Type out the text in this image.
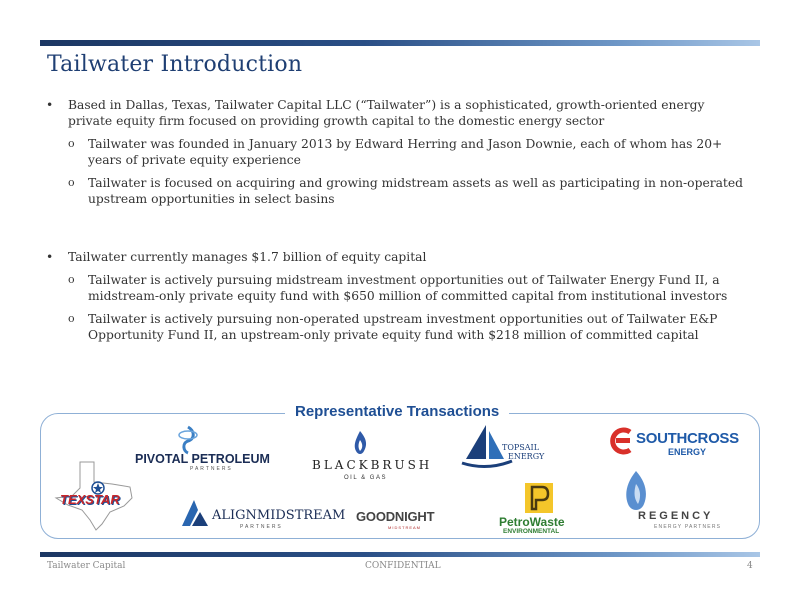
Tailwater Introduction
• Based in Dallas, Texas, Tailwater Capital LLC (“Tailwater”) is a sophisticated, growth-oriented energy private equity firm focused on providing growth capital to the domestic energy sector
o Tailwater was founded in January 2013 by Edward Herring and Jason Downie, each of whom has 20+ years of private equity experience
o Tailwater is focused on acquiring and growing midstream assets as well as participating in non-operated upstream opportunities in select basins
• Tailwater currently manages $1.7 billion of equity capital
o Tailwater is actively pursuing midstream investment opportunities out of Tailwater Energy Fund II, a midstream-only private equity fund with $650 million of committed capital from institutional investors
o Tailwater is actively pursuing non-operated upstream investment opportunities out of Tailwater E&P Opportunity Fund II, an upstream-only private equity fund with $218 million of committed capital
Representative Transactions
PIVOTAL PETROLEUM
PARTNERS	BLACKBRUSH
OIL & GAS
TOPSAIL
ENERGY
SOUTHCROSS
ENERGY
TEXSTAR
ALIGNMIDSTREAM
PARTNERS
GOODNIGHT
MIDSTREAM	PetroWaste
ENVIRONMENTAL
REGENCY
ENERGY PARTNERS
Tailwater Capital	CONFIDENTIAL	4
